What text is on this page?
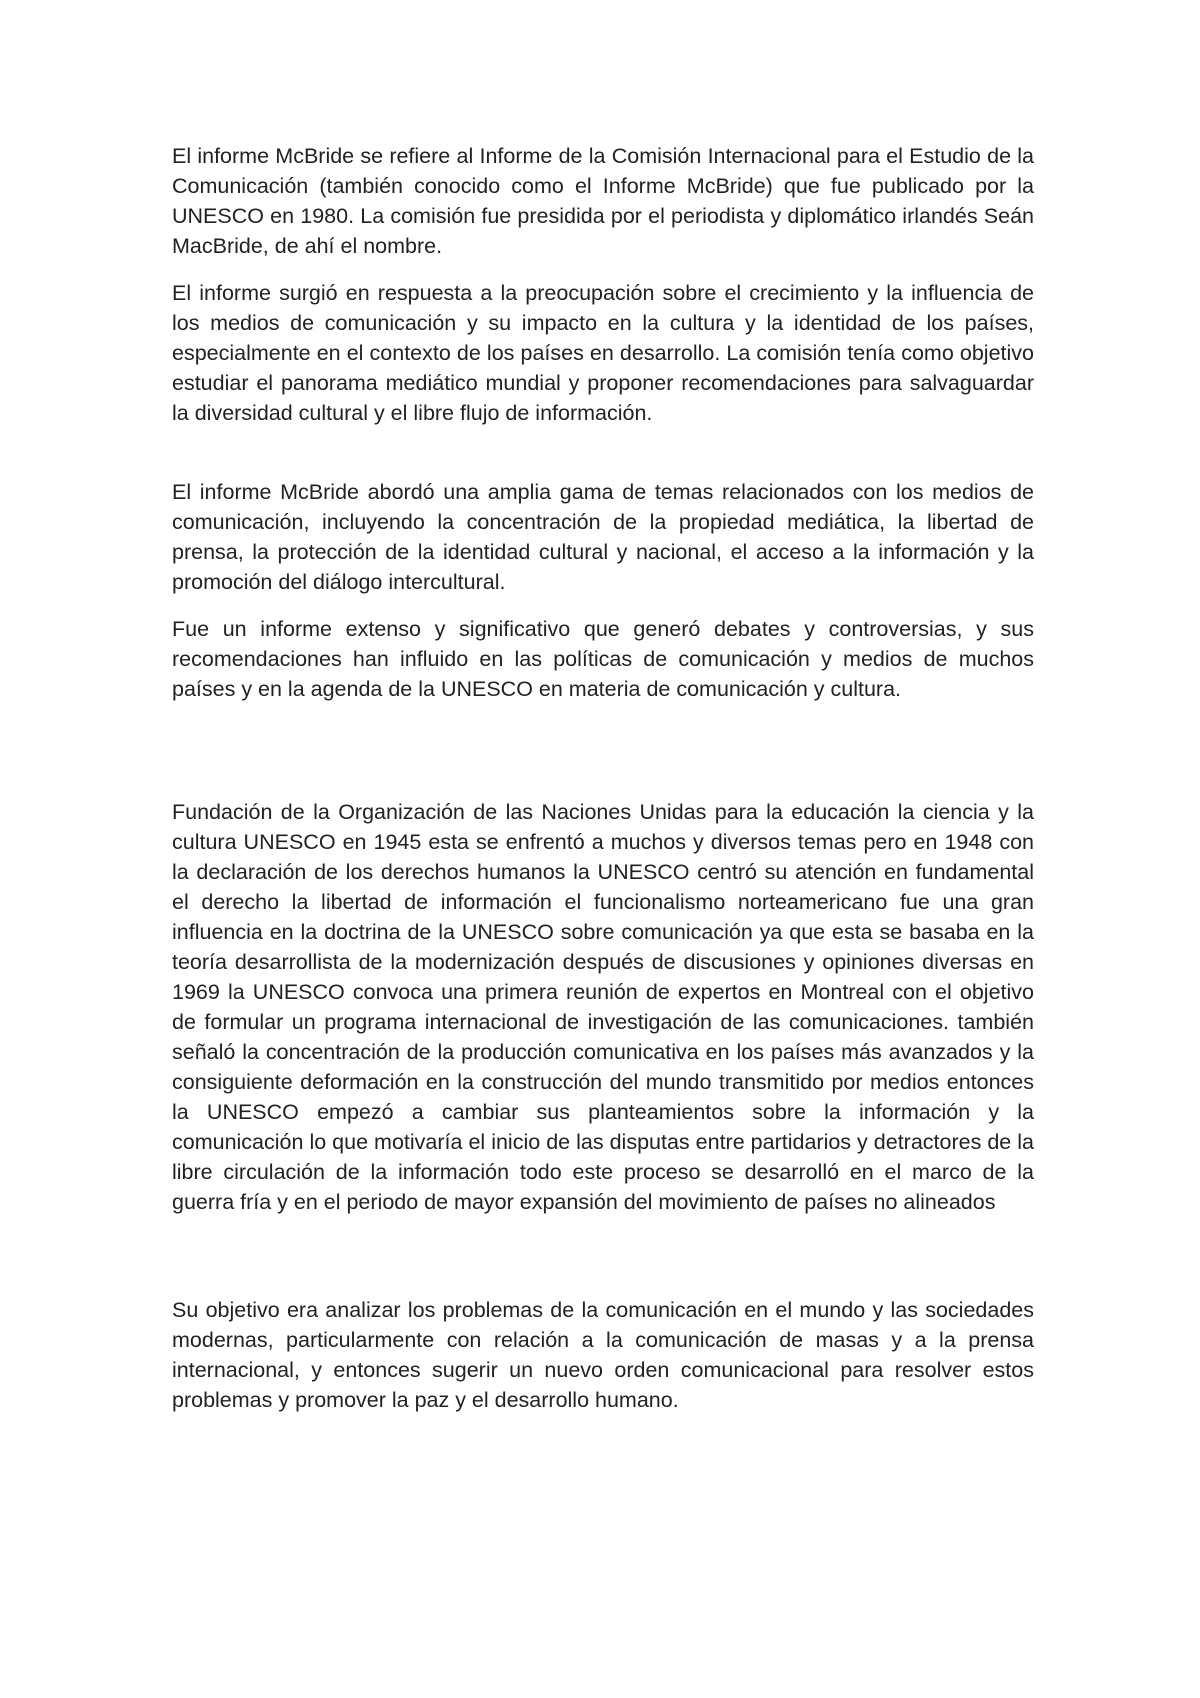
El informe McBride se refiere al Informe de la Comisión Internacional para el Estudio de la Comunicación (también conocido como el Informe McBride) que fue publicado por la UNESCO en 1980. La comisión fue presidida por el periodista y diplomático irlandés Seán MacBride, de ahí el nombre.

El informe surgió en respuesta a la preocupación sobre el crecimiento y la influencia de los medios de comunicación y su impacto en la cultura y la identidad de los países, especialmente en el contexto de los países en desarrollo. La comisión tenía como objetivo estudiar el panorama mediático mundial y proponer recomendaciones para salvaguardar la diversidad cultural y el libre flujo de información.

El informe McBride abordó una amplia gama de temas relacionados con los medios de comunicación, incluyendo la concentración de la propiedad mediática, la libertad de prensa, la protección de la identidad cultural y nacional, el acceso a la información y la promoción del diálogo intercultural.

Fue un informe extenso y significativo que generó debates y controversias, y sus recomendaciones han influido en las políticas de comunicación y medios de muchos países y en la agenda de la UNESCO en materia de comunicación y cultura.

Fundación de la Organización de las Naciones Unidas para la educación la ciencia y la cultura UNESCO en 1945 esta se enfrentó a muchos y diversos temas pero en 1948 con la declaración de los derechos humanos la UNESCO centró su atención en fundamental el derecho la libertad de información el funcionalismo norteamericano fue una gran influencia en la doctrina de la UNESCO sobre comunicación ya que esta se basaba en la teoría desarrollista de la modernización después de discusiones y opiniones diversas en 1969 la UNESCO convoca una primera reunión de expertos en Montreal con el objetivo de formular un programa internacional de investigación de las comunicaciones. también señaló la concentración de la producción comunicativa en los países más avanzados y la consiguiente deformación en la construcción del mundo transmitido por medios entonces la UNESCO empezó a cambiar sus planteamientos sobre la información y la comunicación lo que motivaría el inicio de las disputas entre partidarios y detractores de la libre circulación de la información todo este proceso se desarrolló en el marco de la guerra fría y en el periodo de mayor expansión del movimiento de países no alineados

Su objetivo era analizar los problemas de la comunicación en el mundo y las sociedades modernas, particularmente con relación a la comunicación de masas y a la prensa internacional, y entonces sugerir un nuevo orden comunicacional para resolver estos problemas y promover la paz y el desarrollo humano.
